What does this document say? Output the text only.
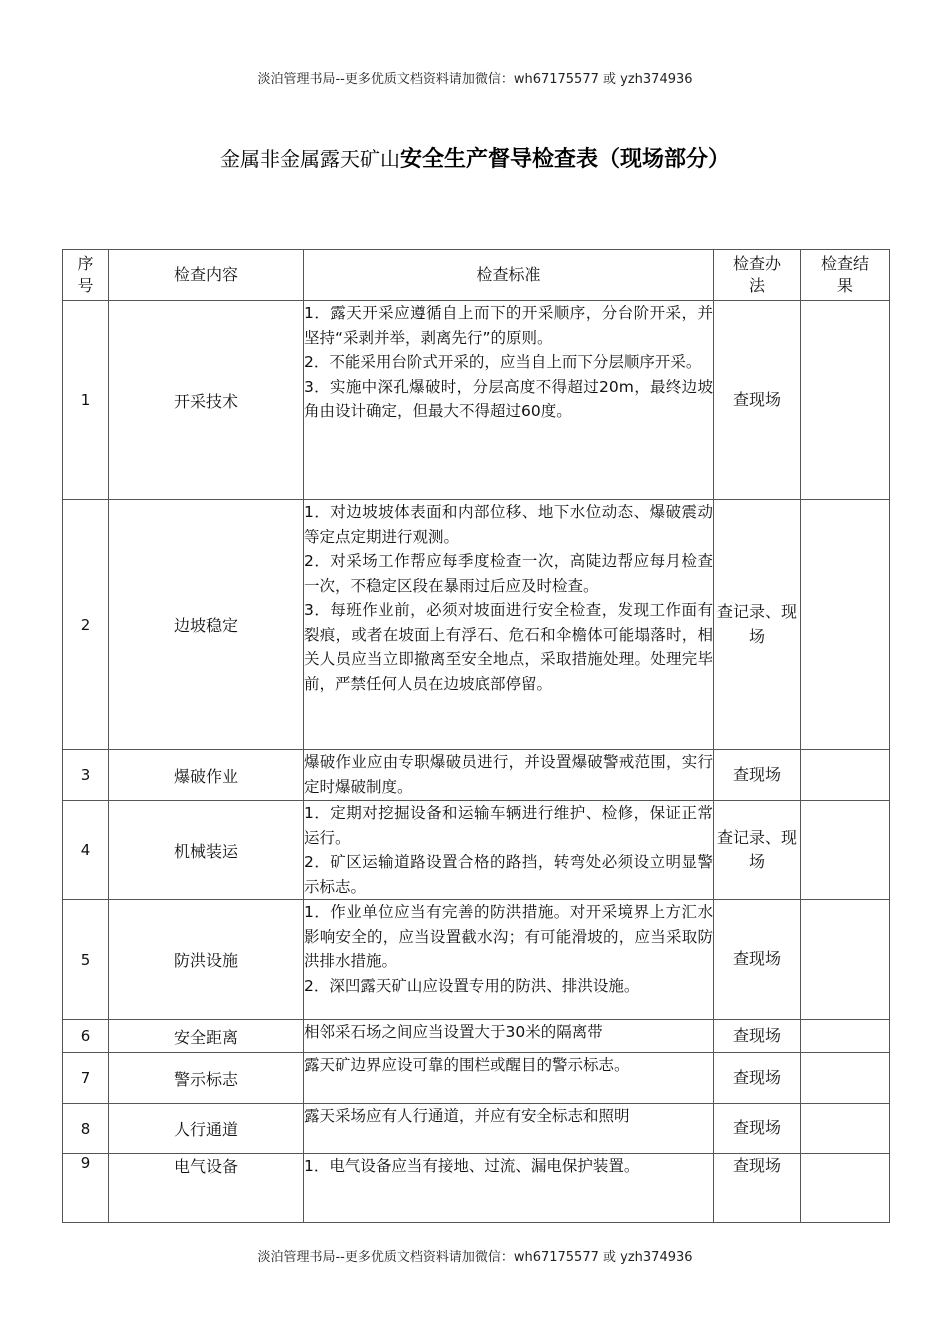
淡泊管理书局--更多优质文档资料请加微信：wh67175577 或 yzh374936
金属非金属露天矿山安全生产督导检查表（现场部分）
序号	检查内容	检查标准	检查办法	检查结果
1	开采技术	1．露天开采应遵循自上而下的开采顺序，分台阶开采，并坚持“采剥并举，剥离先行”的原则。
2．不能采用台阶式开采的，应当自上而下分层顺序开采。
3．实施中深孔爆破时，分层高度不得超过20m，最终边坡角由设计确定，但最大不得超过60度。	查现场	
2	边坡稳定	1．对边坡坡体表面和内部位移、地下水位动态、爆破震动等定点定期进行观测。
2．对采场工作帮应每季度检查一次，高陡边帮应每月检查一次，不稳定区段在暴雨过后应及时检查。
3．每班作业前，必须对坡面进行安全检查，发现工作面有裂痕，或者在坡面上有浮石、危石和伞檐体可能塌落时，相关人员应当立即撤离至安全地点，采取措施处理。处理完毕前，严禁任何人员在边坡底部停留。	查记录、现场	
3	爆破作业	爆破作业应由专职爆破员进行，并设置爆破警戒范围，实行定时爆破制度。	查现场	
4	机械装运	1．定期对挖掘设备和运输车辆进行维护、检修，保证正常运行。
2．矿区运输道路设置合格的路挡，转弯处必须设立明显警示标志。	查记录、现场	
5	防洪设施	1．作业单位应当有完善的防洪措施。对开采境界上方汇水影响安全的，应当设置截水沟；有可能滑坡的，应当采取防洪排水措施。
2．深凹露天矿山应设置专用的防洪、排洪设施。	查现场	
6	安全距离	相邻采石场之间应当设置大于30米的隔离带	查现场	
7	警示标志	露天矿边界应设可靠的围栏或醒目的警示标志。	查现场	
8	人行通道	露天采场应有人行通道，并应有安全标志和照明	查现场	
9	电气设备	1．电气设备应当有接地、过流、漏电保护装置。	查现场	
淡泊管理书局--更多优质文档资料请加微信：wh67175577 或 yzh374936
